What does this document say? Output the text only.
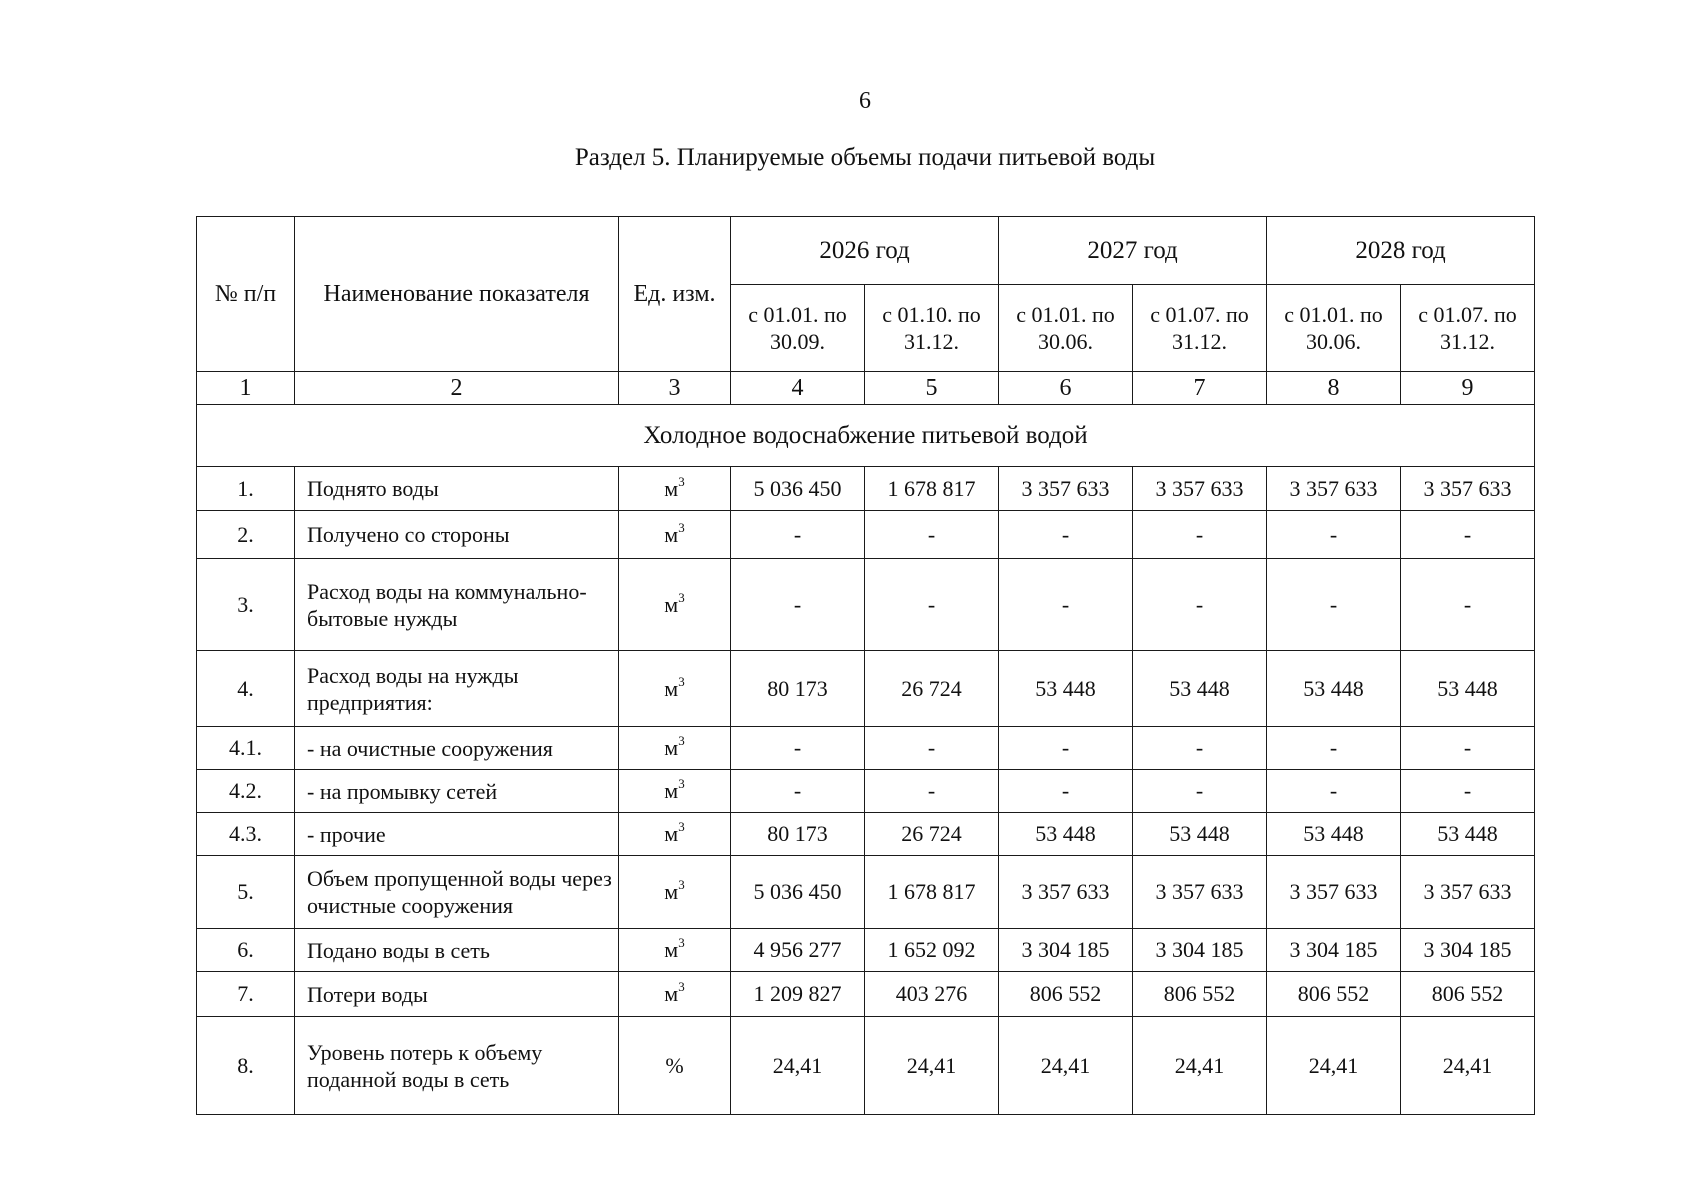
6
Раздел 5. Планируемые объемы подачи питьевой воды
№ п/п	Наименование показателя	Ед. изм.	2026 год		2027 год		2028 год	
			с 01.01. по 30.09.	с 01.10. по 31.12.	с 01.01. по 30.06.	с 01.07. по 31.12.	с 01.01. по 30.06.	с 01.07. по 31.12.
1	2	3	4	5	6	7	8	9
Холодное водоснабжение питьевой водой								
1.	Поднято воды	$м^3$	5 036 450	1 678 817	3 357 633	3 357 633	3 357 633	3 357 633
2.	Получено со стороны	$м^3$	-	-	-	-	-	-
3.	Расход воды на коммунально-бытовые нужды	$м^3$	-	-	-	-	-	-
4.	Расход воды на нужды предприятия:	$м^3$	80 173	26 724	53 448	53 448	53 448	53 448
4.1.	- на очистные сооружения	$м^3$	-	-	-	-	-	-
4.2.	- на промывку сетей	$м^3$	-	-	-	-	-	-
4.3.	- прочие	$м^3$	80 173	26 724	53 448	53 448	53 448	53 448
5.	Объем пропущенной воды через очистные сооружения	$м^3$	5 036 450	1 678 817	3 357 633	3 357 633	3 357 633	3 357 633
6.	Подано воды в сеть	$м^3$	4 956 277	1 652 092	3 304 185	3 304 185	3 304 185	3 304 185
7.	Потери воды	$м^3$	1 209 827	403 276	806 552	806 552	806 552	806 552
8.	Уровень потерь к объему поданной воды в сеть	%	24,41	24,41	24,41	24,41	24,41	24,41
